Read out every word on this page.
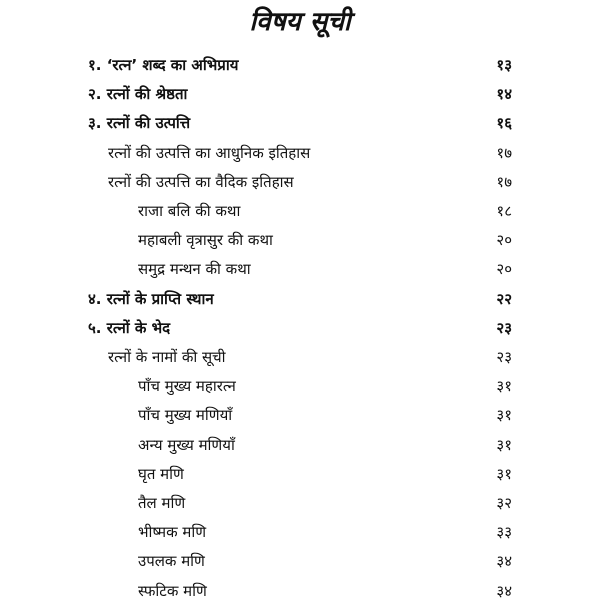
विषय सूची
१. ‘रत्न’ शब्द का अभिप्राय	१३
२. रत्नों की श्रेष्ठता	१४
३. रत्नों की उत्पत्ति	१६
रत्नों की उत्पत्ति का आधुनिक इतिहास	१७
रत्नों की उत्पत्ति का वैदिक इतिहास	१७
राजा बलि की कथा	१८
महाबली वृत्रासुर की कथा	२०
समुद्र मन्थन की कथा	२०
४. रत्नों के प्राप्ति स्थान	२२
५. रत्नों के भेद	२३
रत्नों के नामों की सूची	२३
पाँच मुख्य महारत्न	३१
पाँच मुख्य मणियाँ	३१
अन्य मुख्य मणियाँ	३१
घृत मणि	३१
तैल मणि	३२
भीष्मक मणि	३३
उपलक मणि	३४
स्फटिक मणि	३४
